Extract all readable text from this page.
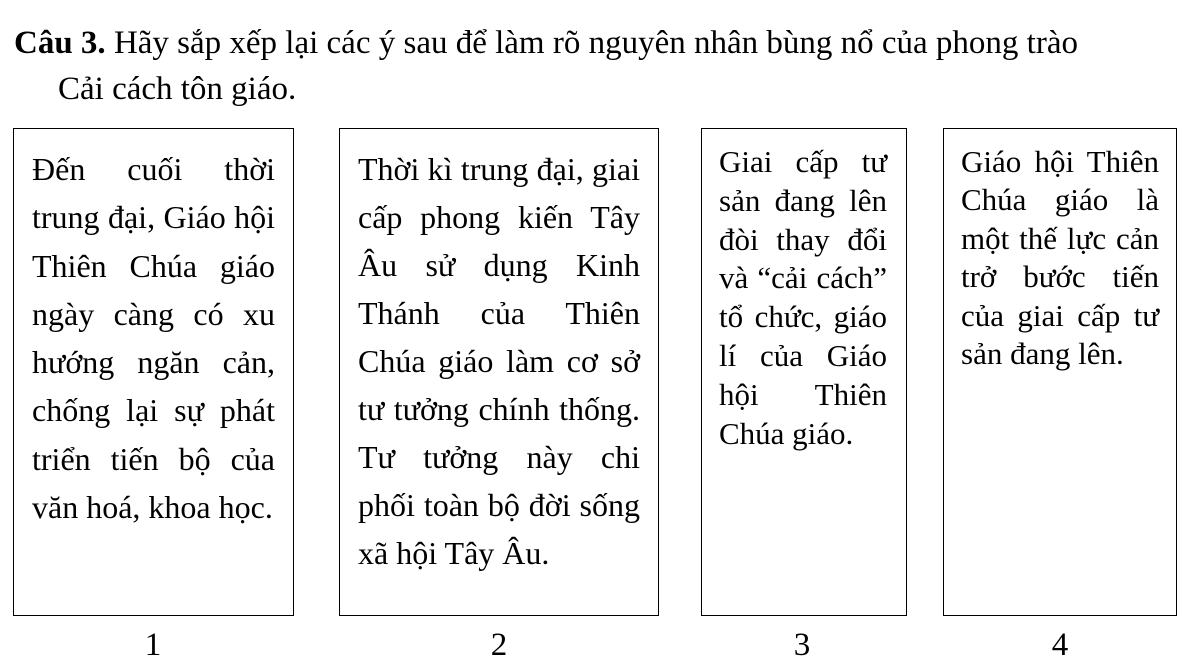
Câu 3. Hãy sắp xếp lại các ý sau để làm rõ nguyên nhân bùng nổ của phong trào
Cải cách tôn giáo.
Đến cuối thời trung đại, Giáo hội Thiên Chúa giáo ngày càng có xu hướng ngăn cản, chống lại sự phát triển tiến bộ của văn hoá, khoa học.
Thời kì trung đại, giai cấp phong kiến Tây Âu sử dụng Kinh Thánh của Thiên Chúa giáo làm cơ sở tư tưởng chính thống. Tư tưởng này chi phối toàn bộ đời sống xã hội Tây Âu.
Giai cấp tư sản đang lên đòi thay đổi và “cải cách” tổ chức, giáo lí của Giáo hội Thiên Chúa giáo.
Giáo hội Thiên Chúa giáo là một thế lực cản trở bước tiến của giai cấp tư sản đang lên.
1	2	3	4
